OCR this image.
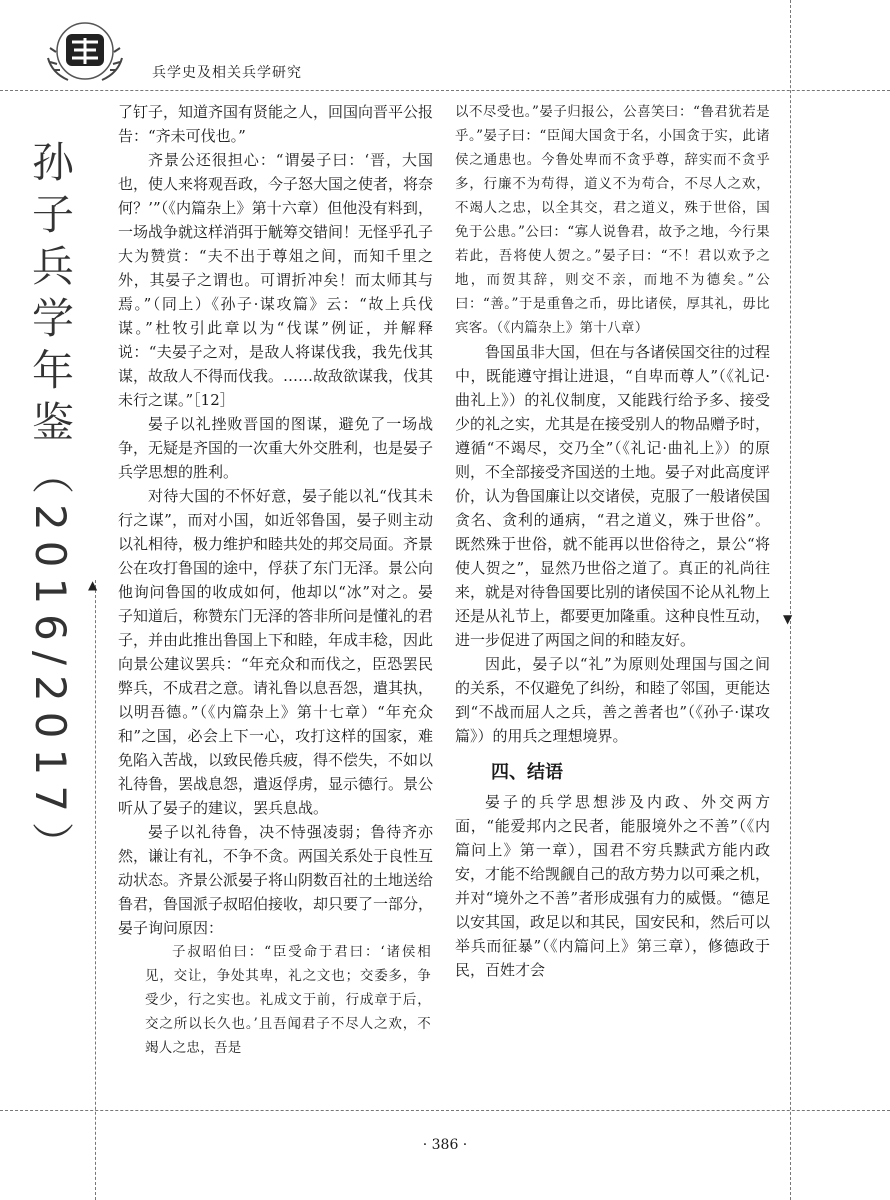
兵学史及相关兵学研究
孙子兵学年鉴（2016/2017）	▲
▼

了钉子，知道齐国有贤能之人，回国向晋平公报告：“齐未可伐也。”

齐景公还很担心：“谓晏子曰：‘晋，大国也，使人来将观吾政，今子怒大国之使者，将奈何？’”（《内篇杂上》第十六章）但他没有料到，一场战争就这样消弭于觥筹交错间！无怪乎孔子大为赞赏：“夫不出于尊俎之间，而知千里之外，其晏子之谓也。可谓折冲矣！而太师其与焉。”（同上）《孙子·谋攻篇》云：“故上兵伐谋。”杜牧引此章以为“伐谋”例证，并解释说：“夫晏子之对，是敌人将谋伐我，我先伐其谋，故敌人不得而伐我。……故敌欲谋我，伐其未行之谋。”［12］

晏子以礼挫败晋国的图谋，避免了一场战争，无疑是齐国的一次重大外交胜利，也是晏子兵学思想的胜利。

对待大国的不怀好意，晏子能以礼“伐其未行之谋”，而对小国，如近邻鲁国，晏子则主动以礼相待，极力维护和睦共处的邦交局面。齐景公在攻打鲁国的途中，俘获了东门无泽。景公向他询问鲁国的收成如何，他却以“冰”对之。晏子知道后，称赞东门无泽的答非所问是懂礼的君子，并由此推出鲁国上下和睦，年成丰稔，因此向景公建议罢兵：“年充众和而伐之，臣恐罢民弊兵，不成君之意。请礼鲁以息吾怨，遣其执，以明吾德。”（《内篇杂上》第十七章）“年充众和”之国，必会上下一心，攻打这样的国家，难免陷入苦战，以致民倦兵疲，得不偿失，不如以礼待鲁，罢战息怨，遣返俘虏，显示德行。景公听从了晏子的建议，罢兵息战。

晏子以礼待鲁，决不恃强凌弱；鲁待齐亦然，谦让有礼，不争不贪。两国关系处于良性互动状态。齐景公派晏子将山阴数百社的土地送给鲁君，鲁国派子叔昭伯接收，却只要了一部分，晏子询问原因：

子叔昭伯曰：“臣受命于君曰：‘诸侯相见，交让，争处其卑，礼之文也；交委多，争受少，行之实也。礼成文于前，行成章于后，交之所以长久也。’且吾闻君子不尽人之欢，不竭人之忠，吾是

以不尽受也。”晏子归报公，公喜笑曰：“鲁君犹若是乎。”晏子曰：“臣闻大国贪于名，小国贪于实，此诸侯之通患也。今鲁处卑而不贪乎尊，辞实而不贪乎多，行廉不为苟得，道义不为苟合，不尽人之欢，不竭人之忠，以全其交，君之道义，殊于世俗，国免于公患。”公曰：“寡人说鲁君，故予之地，今行果若此，吾将使人贺之。”晏子曰：“不！君以欢予之地，而贺其辞，则交不亲，而地不为德矣。”公曰：“善。”于是重鲁之币，毋比诸侯，厚其礼，毋比宾客。（《内篇杂上》第十八章）

鲁国虽非大国，但在与各诸侯国交往的过程中，既能遵守揖让进退，“自卑而尊人”（《礼记·曲礼上》）的礼仪制度，又能践行给予多、接受少的礼之实，尤其是在接受别人的物品赠予时，遵循“不竭尽，交乃全”（《礼记·曲礼上》）的原则，不全部接受齐国送的土地。晏子对此高度评价，认为鲁国廉让以交诸侯，克服了一般诸侯国贪名、贪利的通病，“君之道义，殊于世俗”。既然殊于世俗，就不能再以世俗待之，景公“将使人贺之”，显然乃世俗之道了。真正的礼尚往来，就是对待鲁国要比别的诸侯国不论从礼物上还是从礼节上，都要更加隆重。这种良性互动，进一步促进了两国之间的和睦友好。

因此，晏子以“礼”为原则处理国与国之间的关系，不仅避免了纠纷，和睦了邻国，更能达到“不战而屈人之兵，善之善者也”（《孙子·谋攻篇》）的用兵之理想境界。

四、结语

晏子的兵学思想涉及内政、外交两方面，“能爱邦内之民者，能服境外之不善”（《内篇问上》第一章），国君不穷兵黩武方能内政安，才能不给觊觎自己的敌方势力以可乘之机，并对“境外之不善”者形成强有力的威慑。“德足以安其国，政足以和其民，国安民和，然后可以举兵而征暴”（《内篇问上》第三章），修德政于民，百姓才会

· 386 ·
